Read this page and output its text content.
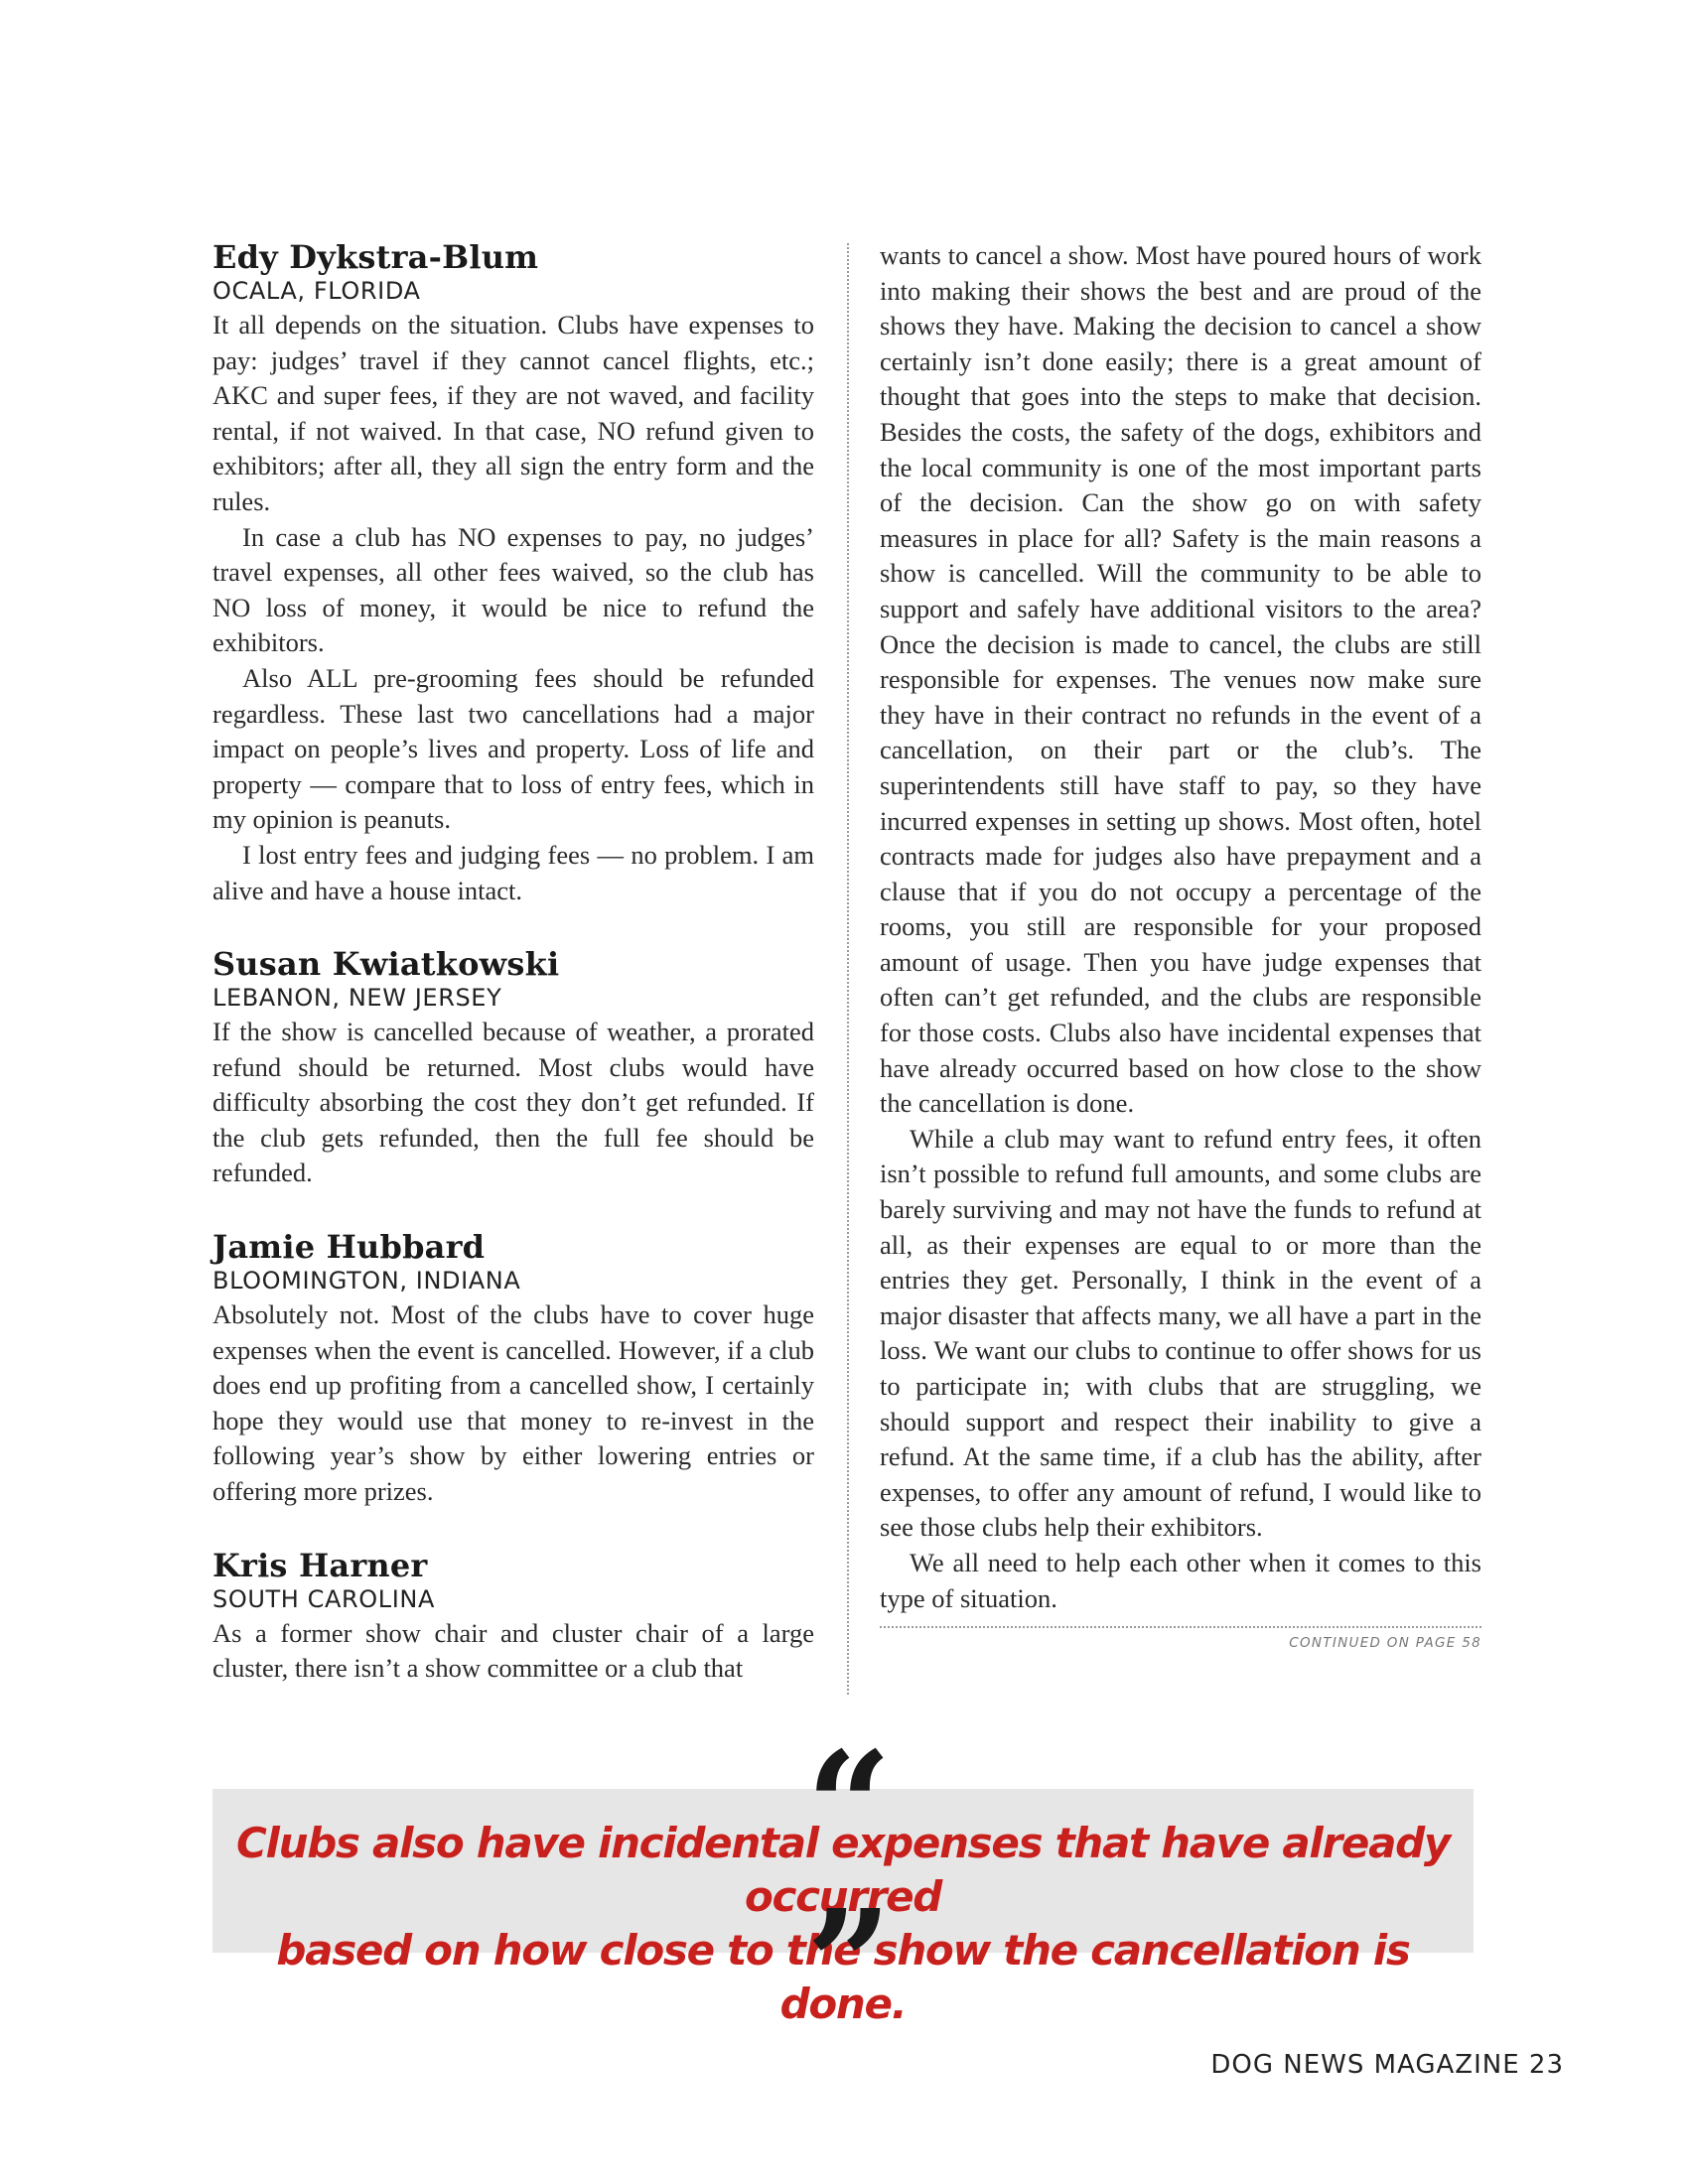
Edy Dykstra-Blum
OCALA, FLORIDA

It all depends on the situation. Clubs have expenses to pay: judges’ travel if they cannot cancel flights, etc.; AKC and super fees, if they are not waved, and facility rental, if not waived. In that case, NO refund given to exhibitors; after all, they all sign the entry form and the rules.

In case a club has NO expenses to pay, no judges’ travel expenses, all other fees waived, so the club has NO loss of money, it would be nice to refund the exhibitors.

Also ALL pre-grooming fees should be refunded regardless. These last two cancellations had a major impact on people’s lives and property. Loss of life and property — compare that to loss of entry fees, which in my opinion is peanuts.

I lost entry fees and judging fees — no problem. I am alive and have a house intact.

Susan Kwiatkowski
LEBANON, NEW JERSEY

If the show is cancelled because of weather, a prorated refund should be returned. Most clubs would have difficulty absorbing the cost they don’t get refunded. If the club gets refunded, then the full fee should be refunded.

Jamie Hubbard
BLOOMINGTON, INDIANA

Absolutely not. Most of the clubs have to cover huge expenses when the event is cancelled. However, if a club does end up profiting from a cancelled show, I certainly hope they would use that money to re-invest in the following year’s show by either lowering entries or offering more prizes.

Kris Harner
SOUTH CAROLINA

As a former show chair and cluster chair of a large cluster, there isn’t a show committee or a club that

wants to cancel a show. Most have poured hours of work into making their shows the best and are proud of the shows they have. Making the decision to cancel a show certainly isn’t done easily; there is a great amount of thought that goes into the steps to make that decision. Besides the costs, the safety of the dogs, exhibitors and the local community is one of the most important parts of the decision. Can the show go on with safety measures in place for all? Safety is the main reasons a show is cancelled. Will the community to be able to support and safely have additional visitors to the area? Once the decision is made to cancel, the clubs are still responsible for expenses. The venues now make sure they have in their contract no refunds in the event of a cancellation, on their part or the club’s. The superintendents still have staff to pay, so they have incurred expenses in setting up shows. Most often, hotel contracts made for judges also have prepayment and a clause that if you do not occupy a percentage of the rooms, you still are responsible for your proposed amount of usage. Then you have judge expenses that often can’t get refunded, and the clubs are responsible for those costs. Clubs also have incidental expenses that have already occurred based on how close to the show the cancellation is done.

While a club may want to refund entry fees, it often isn’t possible to refund full amounts, and some clubs are barely surviving and may not have the funds to refund at all, as their expenses are equal to or more than the entries they get. Personally, I think in the event of a major disaster that affects many, we all have a part in the loss. We want our clubs to continue to offer shows for us to participate in; with clubs that are struggling, we should support and respect their inability to give a refund. At the same time, if a club has the ability, after expenses, to offer any amount of refund, I would like to see those clubs help their exhibitors.

We all need to help each other when it comes to this type of situation.

CONTINUED ON PAGE 58
Clubs also have incidental expenses that have already occurred
based on how close to the show the cancellation is done.
DOG NEWS MAGAZINE 23
